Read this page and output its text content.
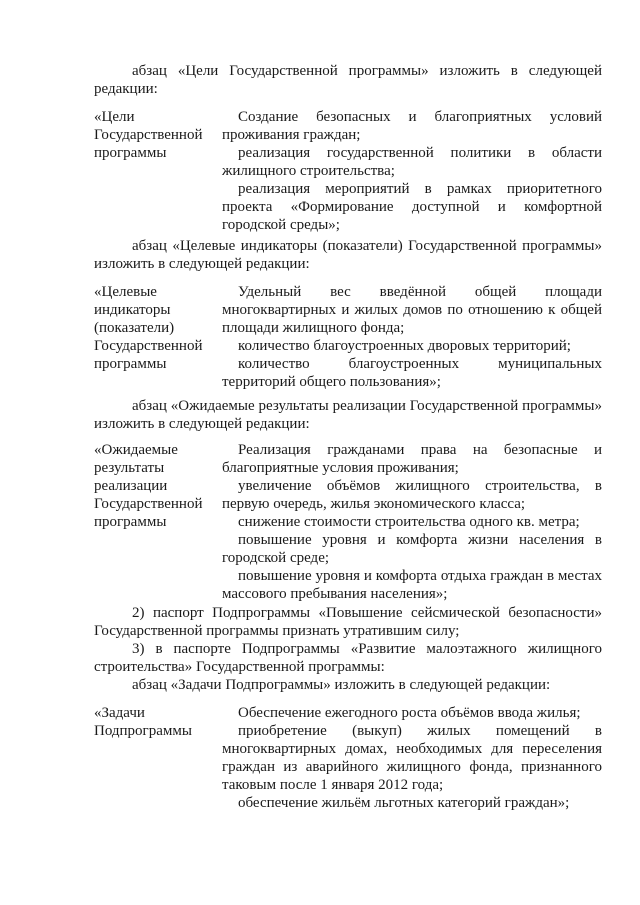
абзац «Цели Государственной программы» изложить в следующей редакции:

«Цели Государственной программы

Создание безопасных и благоприятных условий проживания граждан;

реализация государственной политики в области жилищного строительства;

реализация мероприятий в рамках приоритетного проекта «Формирование доступной и комфортной городской среды»;

абзац «Целевые индикаторы (показатели) Государственной программы» изложить в следующей редакции:

«Целевые индикаторы (показатели) Государственной программы

Удельный вес введённой общей площади многоквартирных и жилых домов по отношению к общей площади жилищного фонда;

количество благоустроенных дворовых территорий;

количество благоустроенных муниципальных территорий общего пользования»;

абзац «Ожидаемые результаты реализации Государственной программы» изложить в следующей редакции:

«Ожидаемые результаты реализации Государственной программы

Реализация гражданами права на безопасные и благоприятные условия проживания;

увеличение объёмов жилищного строительства, в первую очередь, жилья экономического класса;

снижение стоимости строительства одного кв. метра;

повышение уровня и комфорта жизни населения в городской среде;

повышение уровня и комфорта отдыха граждан в местах массового пребывания населения»;

2) паспорт Подпрограммы «Повышение сейсмической безопасности» Государственной программы признать утратившим силу;

3) в паспорте Подпрограммы «Развитие малоэтажного жилищного строительства» Государственной программы:

абзац «Задачи Подпрограммы» изложить в следующей редакции:

«Задачи Подпрограммы

Обеспечение ежегодного роста объёмов ввода жилья;

приобретение (выкуп) жилых помещений в многоквартирных домах, необходимых для переселения граждан из аварийного жилищного фонда, признанного таковым после 1 января 2012 года;

обеспечение жильём льготных категорий граждан»;
